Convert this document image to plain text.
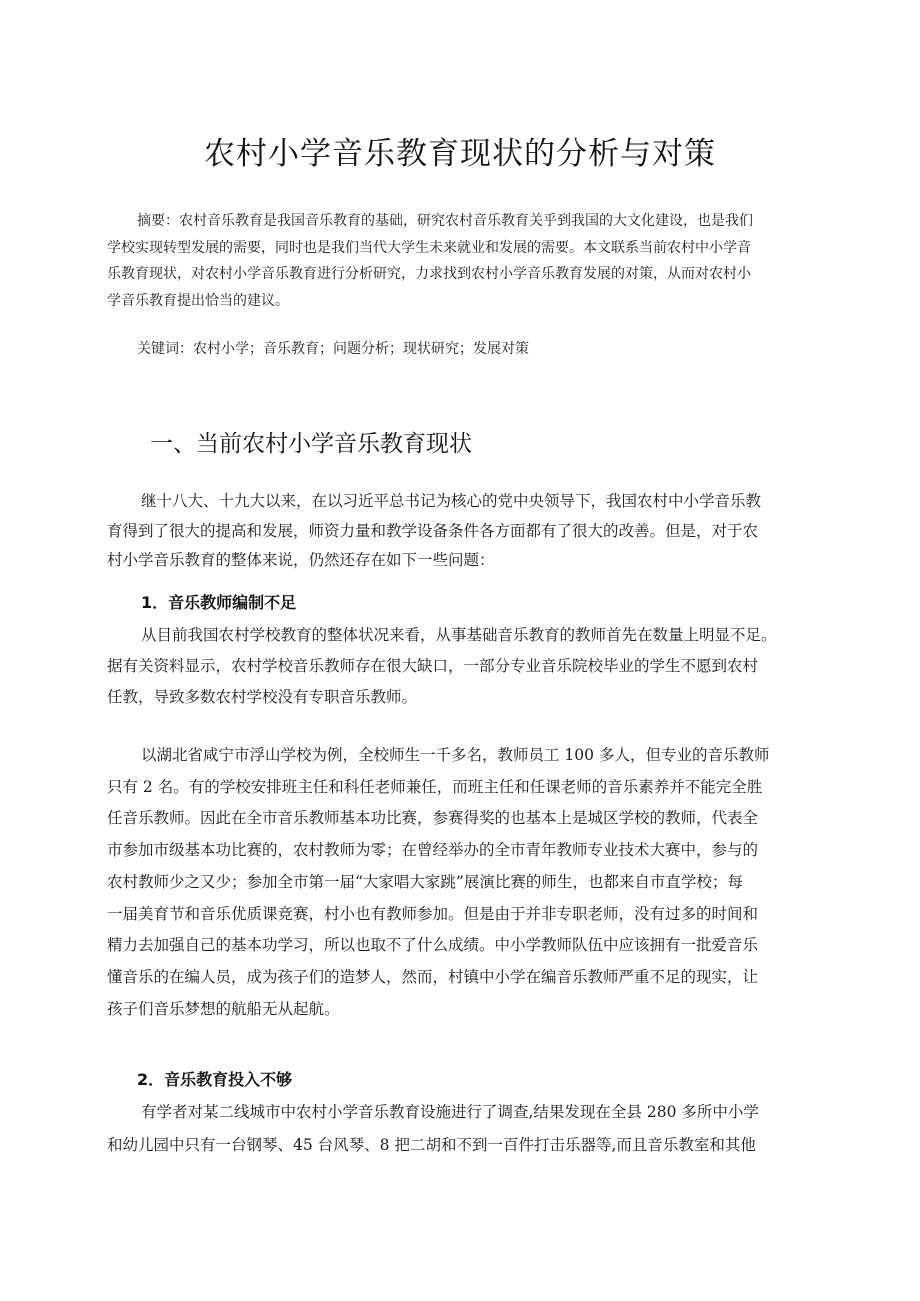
农村小学音乐教育现状的分析与对策
摘要：农村音乐教育是我国音乐教育的基础，研究农村音乐教育关乎到我国的大文化建设，也是我们
学校实现转型发展的需要，同时也是我们当代大学生未来就业和发展的需要。本文联系当前农村中小学音
乐教育现状，对农村小学音乐教育进行分析研究，力求找到农村小学音乐教育发展的对策，从而对农村小
学音乐教育提出恰当的建议。

关键词：农村小学；音乐教育；问题分析；现状研究；发展对策

一、当前农村小学音乐教育现状
继十八大、十九大以来，在以习近平总书记为核心的党中央领导下，我国农村中小学音乐教
育得到了很大的提高和发展，师资力量和教学设备条件各方面都有了很大的改善。但是，对于农
村小学音乐教育的整体来说，仍然还存在如下一些问题：
1．音乐教师编制不足
从目前我国农村学校教育的整体状况来看，从事基础音乐教育的教师首先在数量上明显不足。
据有关资料显示，农村学校音乐教师存在很大缺口，一部分专业音乐院校毕业的学生不愿到农村
任教，导致多数农村学校没有专职音乐教师。
以湖北省咸宁市浮山学校为例，全校师生一千多名，教师员工 100 多人，但专业的音乐教师
只有 2 名。有的学校安排班主任和科任老师兼任，而班主任和任课老师的音乐素养并不能完全胜
任音乐教师。因此在全市音乐教师基本功比赛，参赛得奖的也基本上是城区学校的教师，代表全
市参加市级基本功比赛的，农村教师为零；在曾经举办的全市青年教师专业技术大赛中，参与的
农村教师少之又少；参加全市第一届“大家唱大家跳”展演比赛的师生，也都来自市直学校；每
一届美育节和音乐优质课竞赛，村小也有教师参加。但是由于并非专职老师，没有过多的时间和
精力去加强自己的基本功学习，所以也取不了什么成绩。中小学教师队伍中应该拥有一批爱音乐
懂音乐的在编人员，成为孩子们的造梦人，然而，村镇中小学在编音乐教师严重不足的现实，让
孩子们音乐梦想的航船无从起航。
2．音乐教育投入不够
有学者对某二线城市中农村小学音乐教育设施进行了调查,结果发现在全县 280 多所中小学
和幼儿园中只有一台钢琴、45 台风琴、8 把二胡和不到一百件打击乐器等,而且音乐教室和其他
